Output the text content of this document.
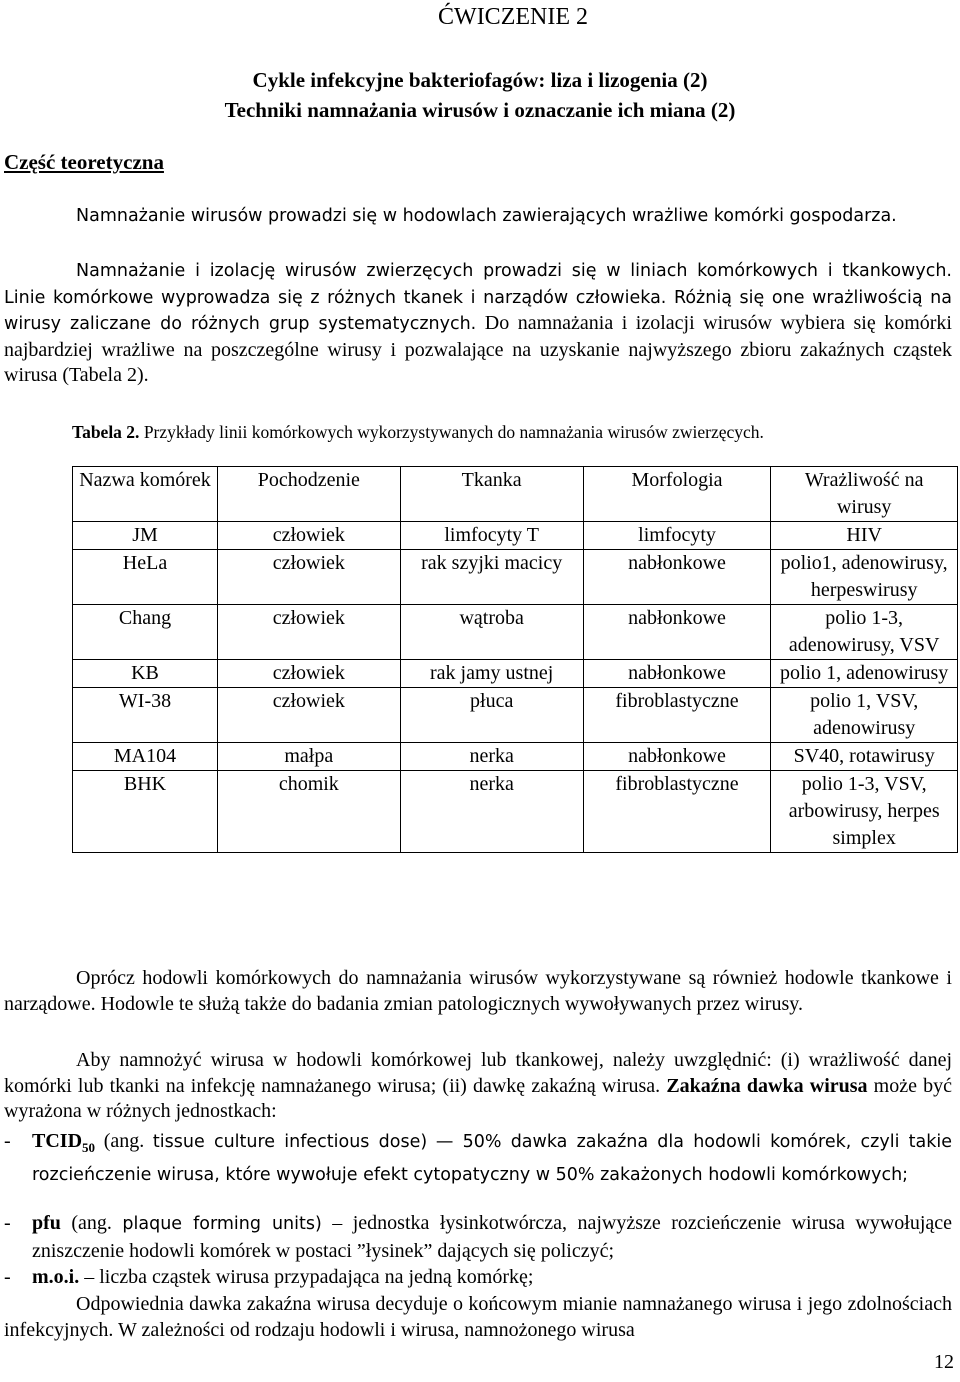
ĆWICZENIE 2
Cykle infekcyjne bakteriofagów: liza i lizogenia (2)
Techniki namnażania wirusów i oznaczanie ich miana (2)
Część teoretyczna
Namnażanie wirusów prowadzi się w hodowlach zawierających wrażliwe komórki gospodarza.
Namnażanie i izolację wirusów zwierzęcych prowadzi się w liniach komórkowych i tkankowych. Linie komórkowe wyprowadza się z różnych tkanek i narządów człowieka. Różnią się one wrażliwością na wirusy zaliczane do różnych grup systematycznych. Do namnażania i izolacji wirusów wybiera się komórki najbardziej wrażliwe na poszczególne wirusy i pozwalające na uzyskanie najwyższego zbioru zakaźnych cząstek wirusa (Tabela 2).
Tabela 2. Przykłady linii komórkowych wykorzystywanych do namnażania wirusów zwierzęcych.
Nazwa komórek	Pochodzenie	Tkanka	Morfologia	Wrażliwość na wirusy
JM	człowiek	limfocyty T	limfocyty	HIV
HeLa	człowiek	rak szyjki macicy	nabłonkowe	polio1, adenowirusy, herpeswirusy
Chang	człowiek	wątroba	nabłonkowe	polio 1-3, adenowirusy, VSV
KB	człowiek	rak jamy ustnej	nabłonkowe	polio 1, adenowirusy
WI-38	człowiek	płuca	fibroblastyczne	polio 1, VSV, adenowirusy
MA104	małpa	nerka	nabłonkowe	SV40, rotawirusy
BHK	chomik	nerka	fibroblastyczne	polio 1-3, VSV, arbowirusy, herpes simplex
Oprócz hodowli komórkowych do namnażania wirusów wykorzystywane są również hodowle tkankowe i narządowe. Hodowle te służą także do badania zmian patologicznych wywoływanych przez wirusy.
Aby namnożyć wirusa w hodowli komórkowej lub tkankowej, należy uwzględnić: (i) wrażliwość danej komórki lub tkanki na infekcję namnażanego wirusa; (ii) dawkę zakaźną wirusa. Zakaźna dawka wirusa może być wyrażona w różnych jednostkach:
- $TCID_{50}$ (ang. tissue culture infectious dose) — 50% dawka zakaźna dla hodowli komórek, czyli takie rozcieńczenie wirusa, które wywołuje efekt cytopatyczny w 50% zakażonych hodowli komórkowych;
- pfu (ang. plaque forming units) – jednostka łysinkotwórcza, najwyższe rozcieńczenie wirusa wywołujące zniszczenie hodowli komórek w postaci ”łysinek” dających się policzyć;
- m.o.i. – liczba cząstek wirusa przypadająca na jedną komórkę;
Odpowiednia dawka zakaźna wirusa decyduje o końcowym mianie namnażanego wirusa i jego zdolnościach infekcyjnych. W zależności od rodzaju hodowli i wirusa, namnożonego wirusa
12
